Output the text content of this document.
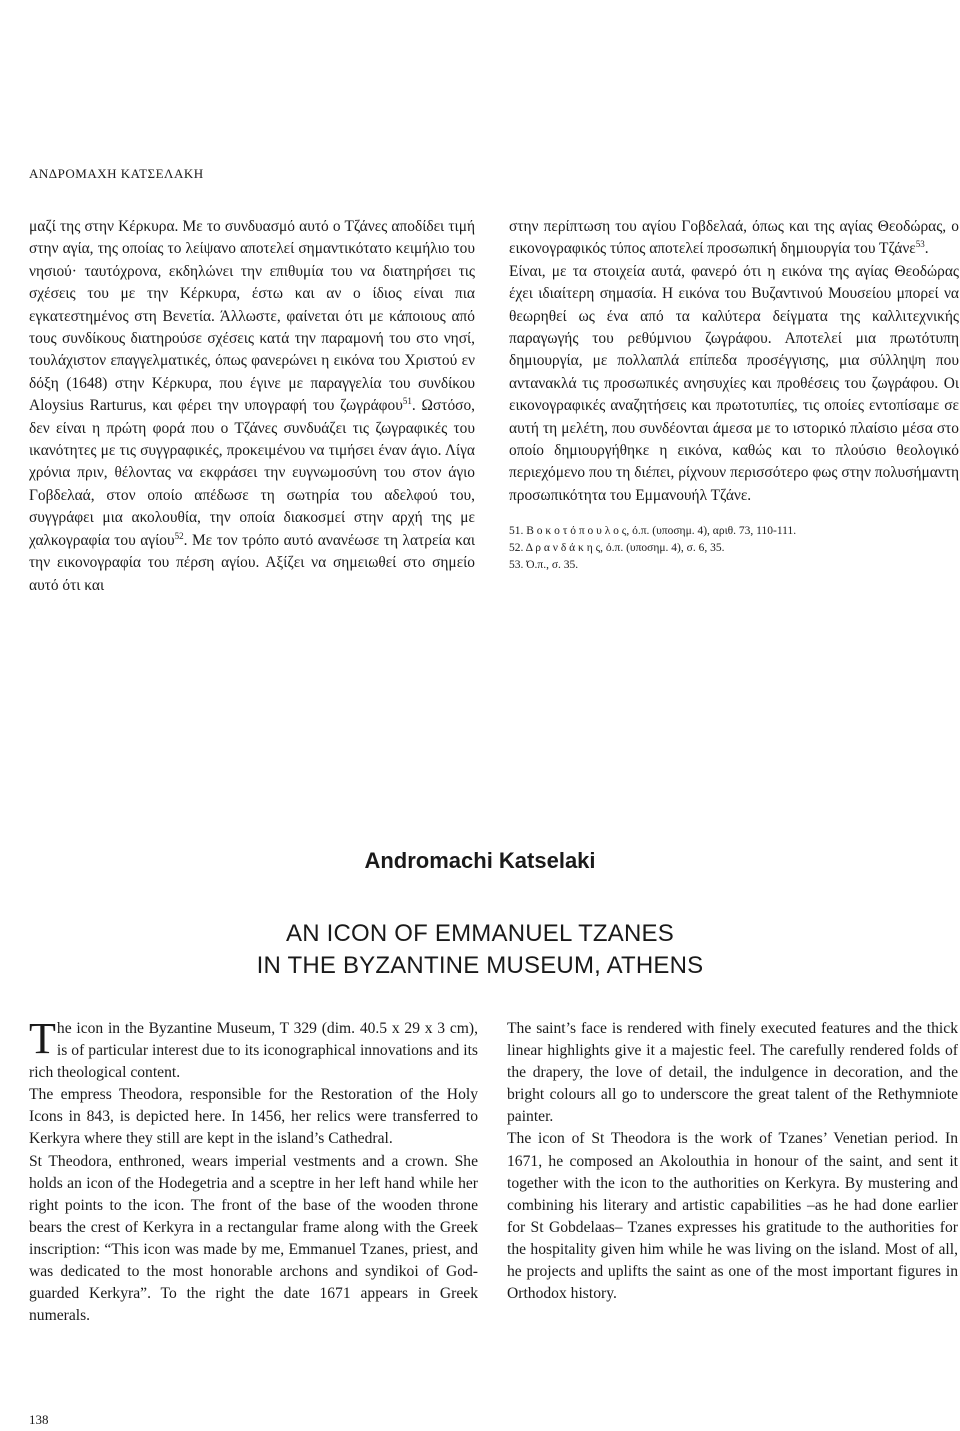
ΑΝΔΡΟΜΑΧΗ ΚΑΤΣΕΛΑΚΗ

μαζί της στην Κέρκυρα. Με το συνδυασμό αυτό ο Τζάνες αποδίδει τιμή στην αγία, της οποίας το λείψανο αποτελεί σημαντικότατο κειμήλιο του νησιού· ταυτόχρονα, εκδηλώνει την επιθυμία του να διατηρήσει τις σχέσεις του με την Κέρκυρα, έστω και αν ο ίδιος είναι πια εγκατεστημένος στη Βενετία. Άλλωστε, φαίνεται ότι με κάποιους από τους συνδίκους διατηρούσε σχέσεις κατά την παραμονή του στο νησί, τουλάχιστον επαγγελματικές, όπως φανερώνει η εικόνα του Χριστού εν δόξη (1648) στην Κέρκυρα, που έγινε με παραγγελία του συνδίκου Aloysius Rarturus, και φέρει την υπογραφή του ζωγράφου$^{51}$. Ωστόσο, δεν είναι η πρώτη φορά που ο Τζάνες συνδυάζει τις ζωγραφικές του ικανότητες με τις συγγραφικές, προκειμένου να τιμήσει έναν άγιο. Λίγα χρόνια πριν, θέλοντας να εκφράσει την ευγνωμοσύνη του στον άγιο Γοβδελαά, στον οποίο απέδωσε τη σωτηρία του αδελφού του, συγγράφει μια ακολουθία, την οποία διακοσμεί στην αρχή της με χαλκογραφία του αγίου$^{52}$. Με τον τρόπο αυτό ανανέωσε τη λατρεία και την εικονογραφία του πέρση αγίου. Αξίζει να σημειωθεί στο σημείο αυτό ότι και

στην περίπτωση του αγίου Γοβδελαά, όπως και της αγίας Θεοδώρας, ο εικονογραφικός τύπος αποτελεί προσωπική δημιουργία του Τζάνε$^{53}$.

Είναι, με τα στοιχεία αυτά, φανερό ότι η εικόνα της αγίας Θεοδώρας έχει ιδιαίτερη σημασία. Η εικόνα του Βυζαντινού Μουσείου μπορεί να θεωρηθεί ως ένα από τα καλύτερα δείγματα της καλλιτεχνικής παραγωγής του ρεθύμνιου ζωγράφου. Αποτελεί μια πρωτότυπη δημιουργία, με πολλαπλά επίπεδα προσέγγισης, μια σύλληψη που αντανακλά τις προσωπικές ανησυχίες και προθέσεις του ζωγράφου. Οι εικονογραφικές αναζητήσεις και πρωτοτυπίες, τις οποίες εντοπίσαμε σε αυτή τη μελέτη, που συνδέονται άμεσα με το ιστορικό πλαίσιο μέσα στο οποίο δημιουργήθηκε η εικόνα, καθώς και το πλούσιο θεολογικό περιεχόμενο που τη διέπει, ρίχνουν περισσότερο φως στην πολυσήμαντη προσωπικότητα του Εμμανουήλ Τζάνε.

51. Β ο κ ο τ ό π ο υ λ ο ς, ό.π. (υποσημ. 4), αριθ. 73, 110-111.
52. Δ ρ α ν δ ά κ η ς, ό.π. (υποσημ. 4), σ. 6, 35.
53. Ό.π., σ. 35.
Andromachi Katselaki
AN ICON OF EMMANUEL TZANES
IN THE BYZANTINE MUSEUM, ATHENS

The icon in the Byzantine Museum, T 329 (dim. 40.5 x 29 x 3 cm), is of particular interest due to its iconographical innovations and its rich theological content.

The empress Theodora, responsible for the Restoration of the Holy Icons in 843, is depicted here. In 1456, her relics were transferred to Kerkyra where they still are kept in the island’s Cathedral.

St Theodora, enthroned, wears imperial vestments and a crown. She holds an icon of the Hodegetria and a sceptre in her left hand while her right points to the icon. The front of the base of the wooden throne bears the crest of Kerkyra in a rectangular frame along with the Greek inscription: “This icon was made by me, Emmanuel Tzanes, priest, and was dedicated to the most honorable archons and syndikoi of God-guarded Kerkyra”. To the right the date 1671 appears in Greek numerals.

The saint’s face is rendered with finely executed features and the thick linear highlights give it a majestic feel. The carefully rendered folds of the drapery, the love of detail, the indulgence in decoration, and the bright colours all go to underscore the great talent of the Rethymniote painter.

The icon of St Theodora is the work of Tzanes’ Venetian period. In 1671, he composed an Akolouthia in honour of the saint, and sent it together with the icon to the authorities on Kerkyra. By mustering and combining his literary and artistic capabilities –as he had done earlier for St Gobdelaas– Tzanes expresses his gratitude to the authorities for the hospitality given him while he was living on the island. Most of all, he projects and uplifts the saint as one of the most important figures in Orthodox history.

138
